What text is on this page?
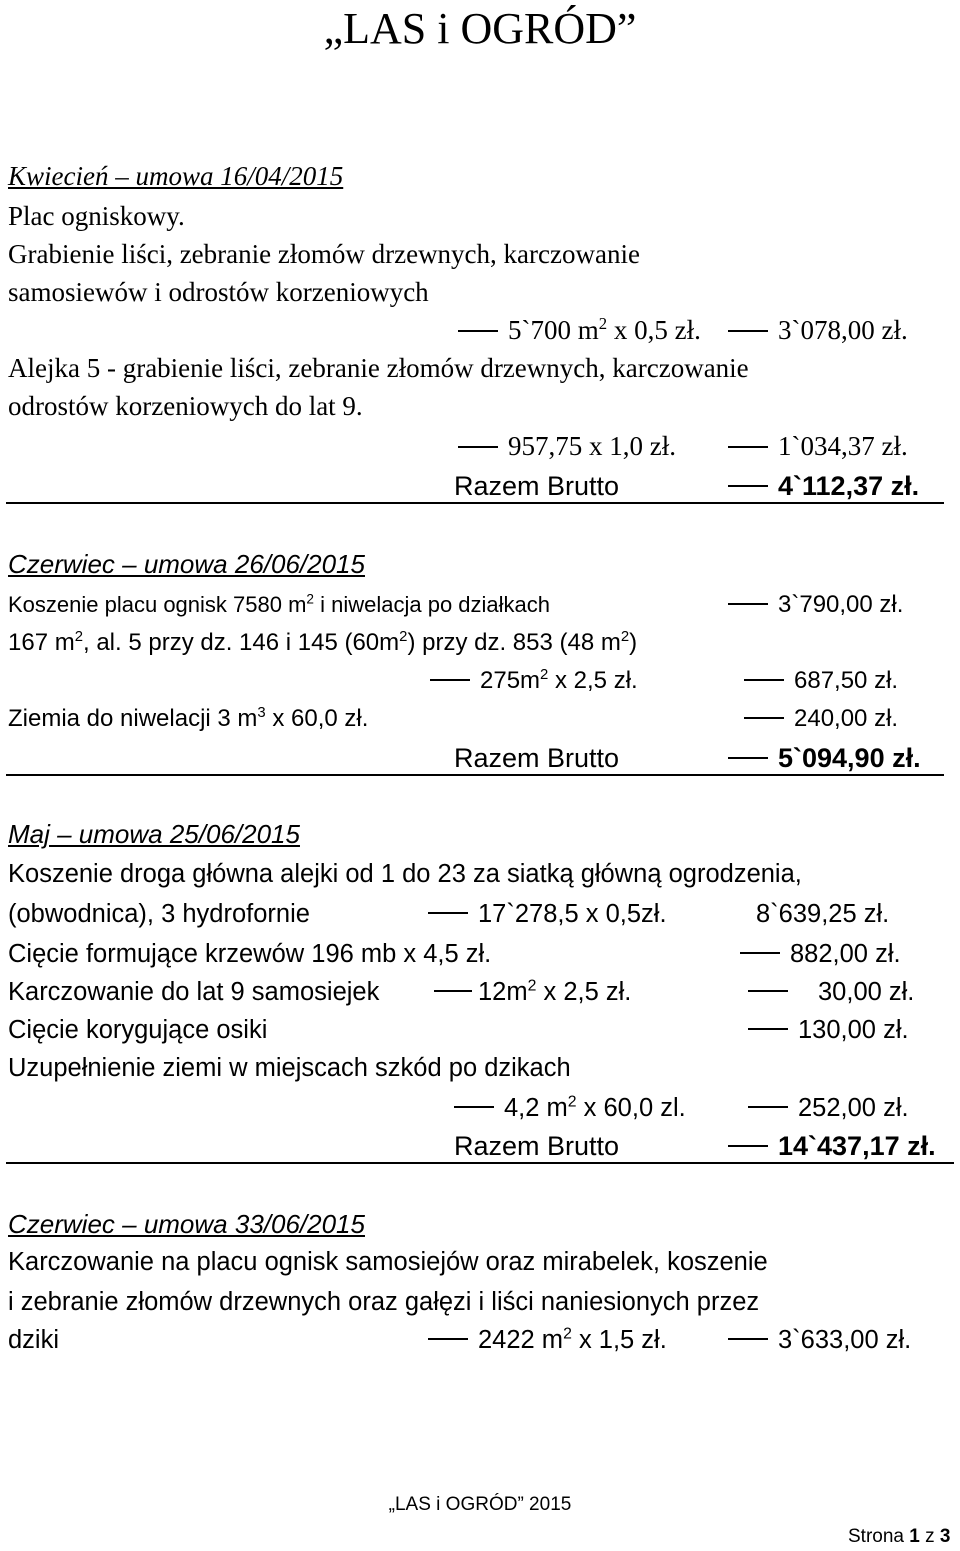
„LAS i OGRÓD”
Kwiecień – umowa 16/04/2015
Plac ogniskowy.
Grabienie liści, zebranie złomów drzewnych, karczowanie
samosiewów i odrostów korzeniowych
5`700 $m^2$ x 0,5 zł.	3`078,00 zł.
Alejka 5 - grabienie liści, zebranie złomów drzewnych, karczowanie
odrostów korzeniowych do lat 9.
957,75 x 1,0 zł.	1`034,37 zł.
Razem Brutto	4`112,37 zł.
Czerwiec – umowa 26/06/2015
Koszenie placu ognisk 7580 $m^2$ i niwelacja po działkach	3`790,00 zł.
167 $m^2$, al. 5 przy dz. 146 i 145 $(60m^2)$ przy dz. 853 (48 $m^2$)
$275m^2$ x 2,5 zł.	687,50 zł.
Ziemia do niwelacji 3 $m^3$ x 60,0 zł.	240,00 zł.
Razem Brutto	5`094,90 zł.
Maj – umowa 25/06/2015
Koszenie droga główna alejki od 1 do 23 za siatką główną ogrodzenia,
(obwodnica), 3 hydrofornie	17`278,5 x 0,5zł.	8`639,25 zł.
Cięcie formujące krzewów 196 mb x 4,5 zł.	882,00 zł.
Karczowanie do lat 9 samosiejek	$12m^2$ x 2,5 zł.	30,00 zł.
Cięcie korygujące osiki	130,00 zł.
Uzupełnienie ziemi w miejscach szkód po dzikach
4,2 $m^2$ x 60,0 zl.	252,00 zł.
Razem Brutto	14`437,17 zł.
Czerwiec – umowa 33/06/2015
Karczowanie na placu ognisk samosiejów oraz mirabelek, koszenie
i zebranie złomów drzewnych oraz gałęzi i liści naniesionych przez
dziki	2422 $m^2$ x 1,5 zł.	3`633,00 zł.
„LAS i OGRÓD” 2015
Strona 1 z 3
